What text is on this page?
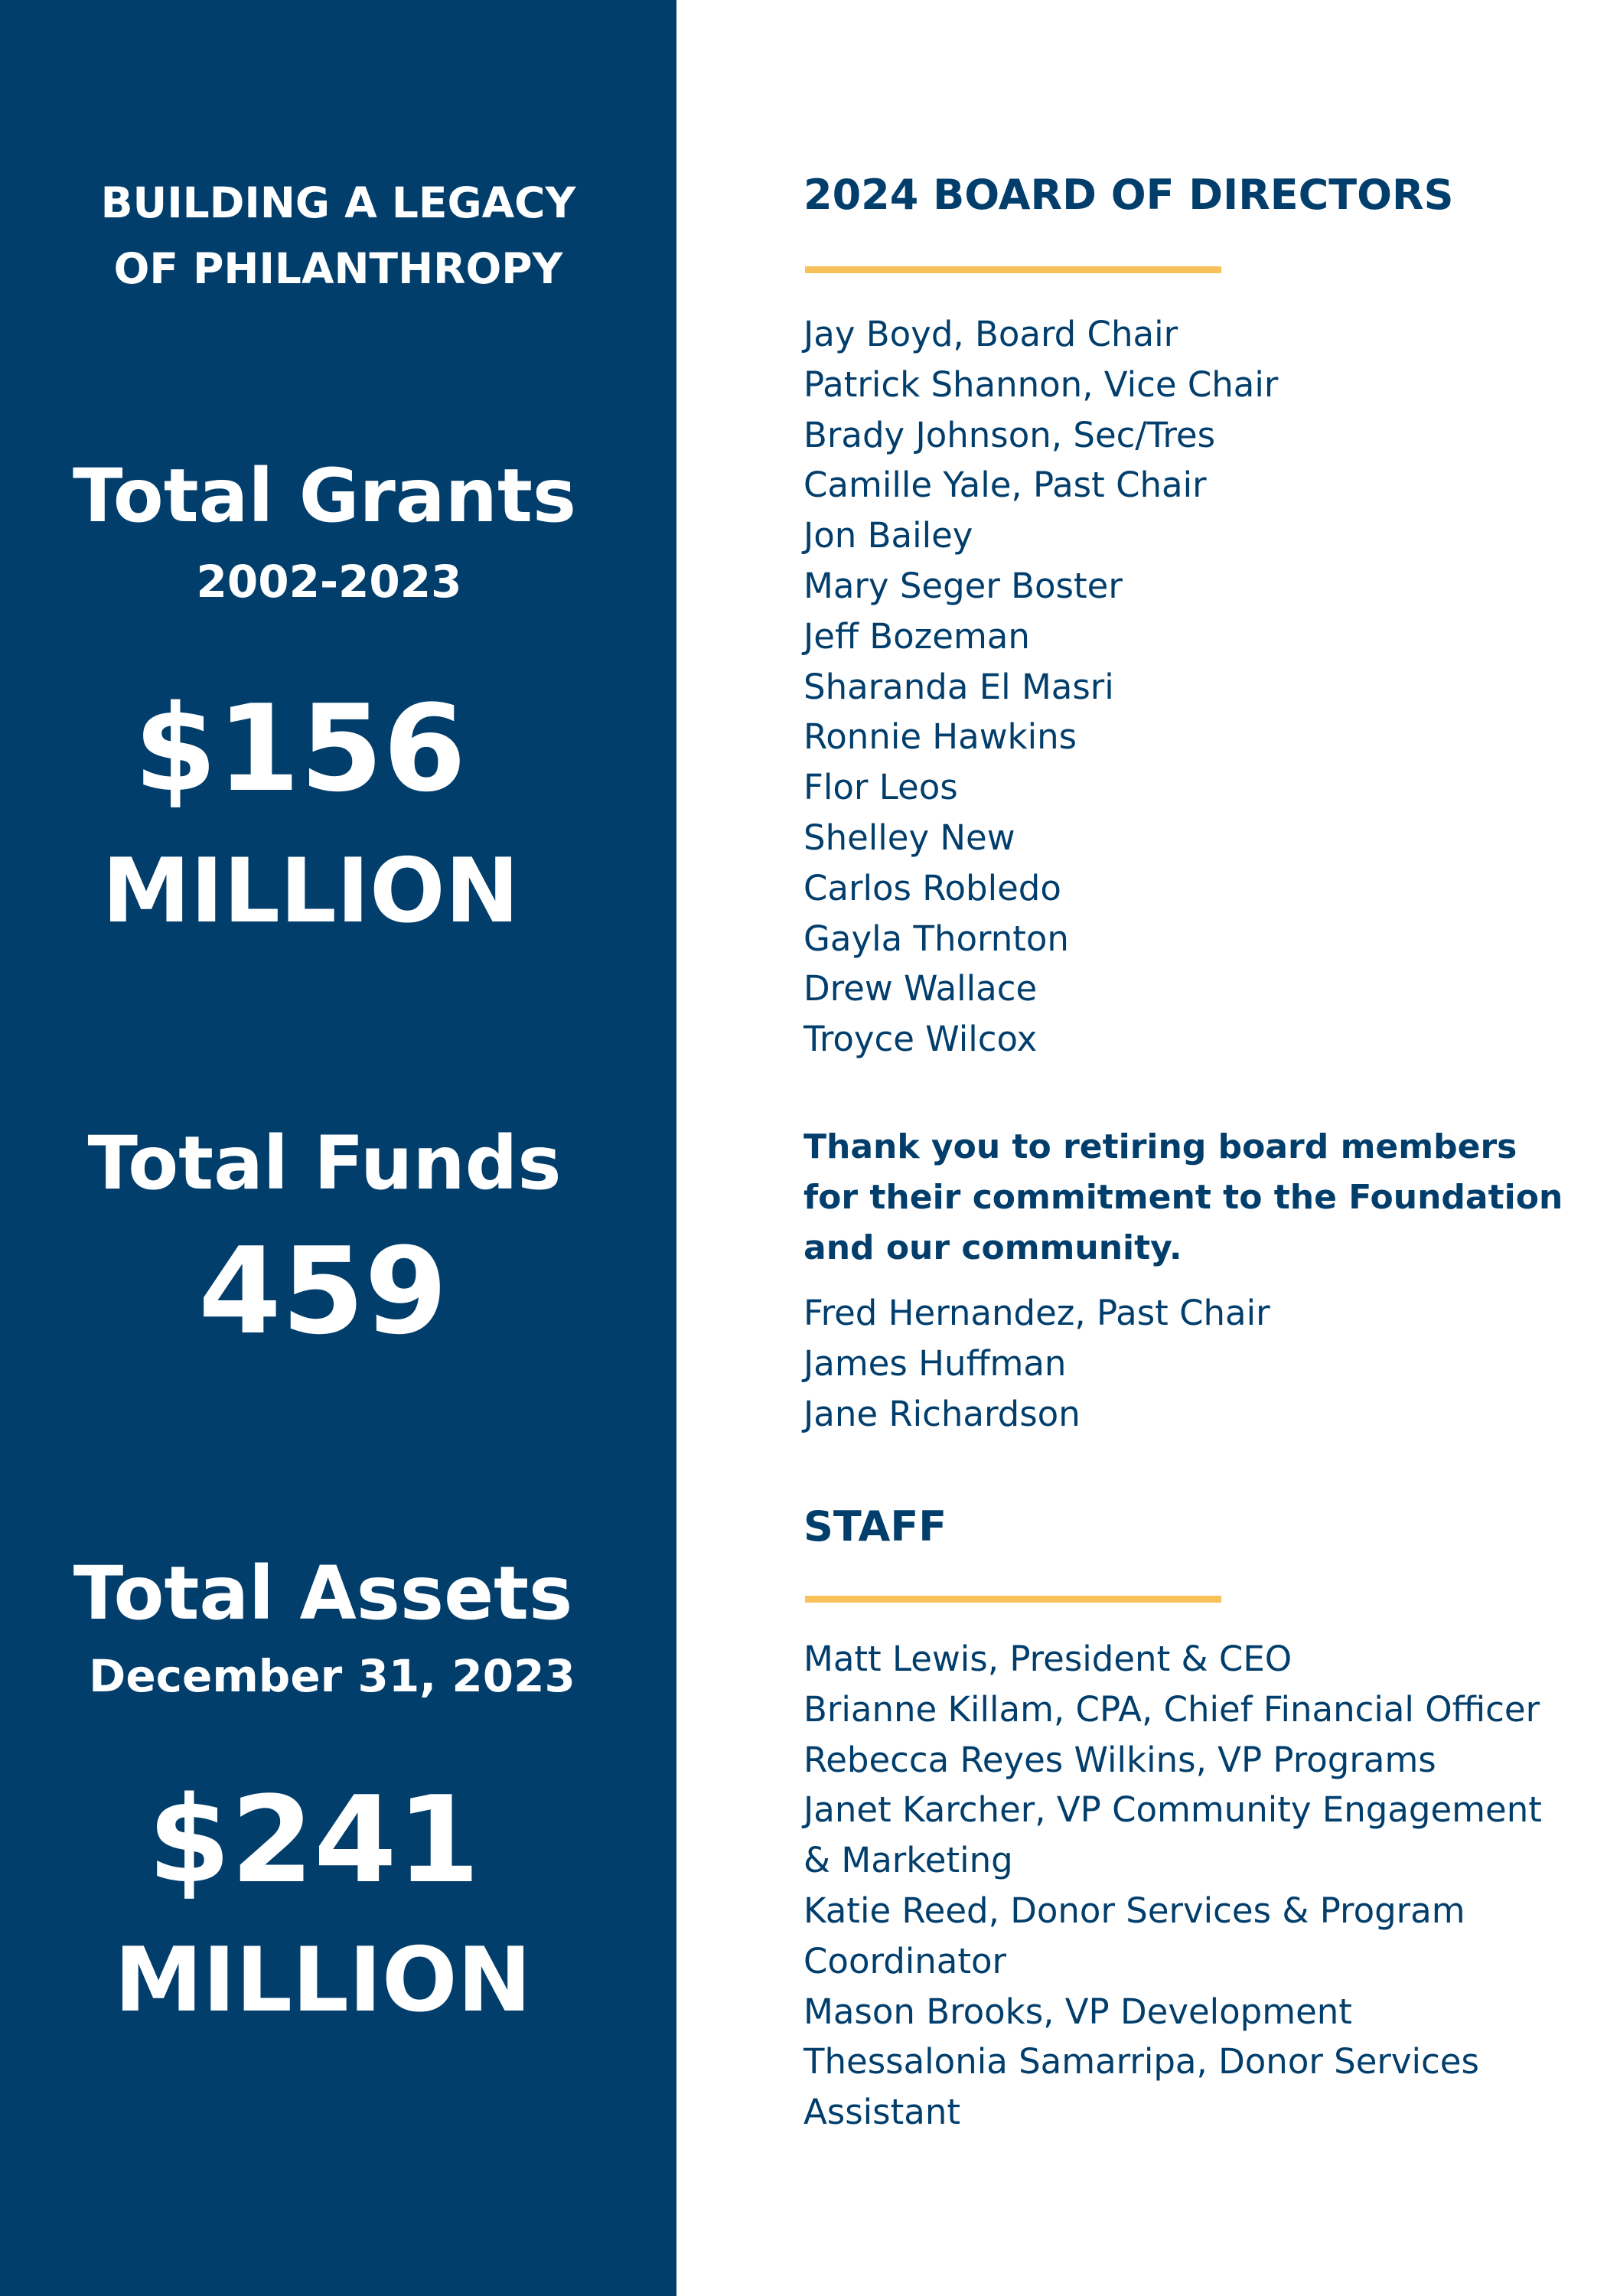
BUILDING A LEGACY
OF PHILANTHROPY
Total Grants
2002-2023
$156
MILLION
Total Funds
459
Total Assets
December 31, 2023
$241
MILLION
2024 BOARD OF DIRECTORS
Jay Boyd, Board Chair
Patrick Shannon, Vice Chair
Brady Johnson, Sec/Tres
Camille Yale, Past Chair
Jon Bailey
Mary Seger Boster
Jeff Bozeman
Sharanda El Masri
Ronnie Hawkins
Flor Leos
Shelley New
Carlos Robledo
Gayla Thornton
Drew Wallace
Troyce Wilcox

Thank you to retiring board members for their commitment to the Foundation and our community.

Fred Hernandez, Past Chair
James Huffman
Jane Richardson
STAFF
Matt Lewis, President & CEO
Brianne Killam, CPA, Chief Financial Officer
Rebecca Reyes Wilkins, VP Programs
Janet Karcher, VP Community Engagement & Marketing
Katie Reed, Donor Services & Program Coordinator
Mason Brooks, VP Development
Thessalonia Samarripa, Donor Services Assistant
